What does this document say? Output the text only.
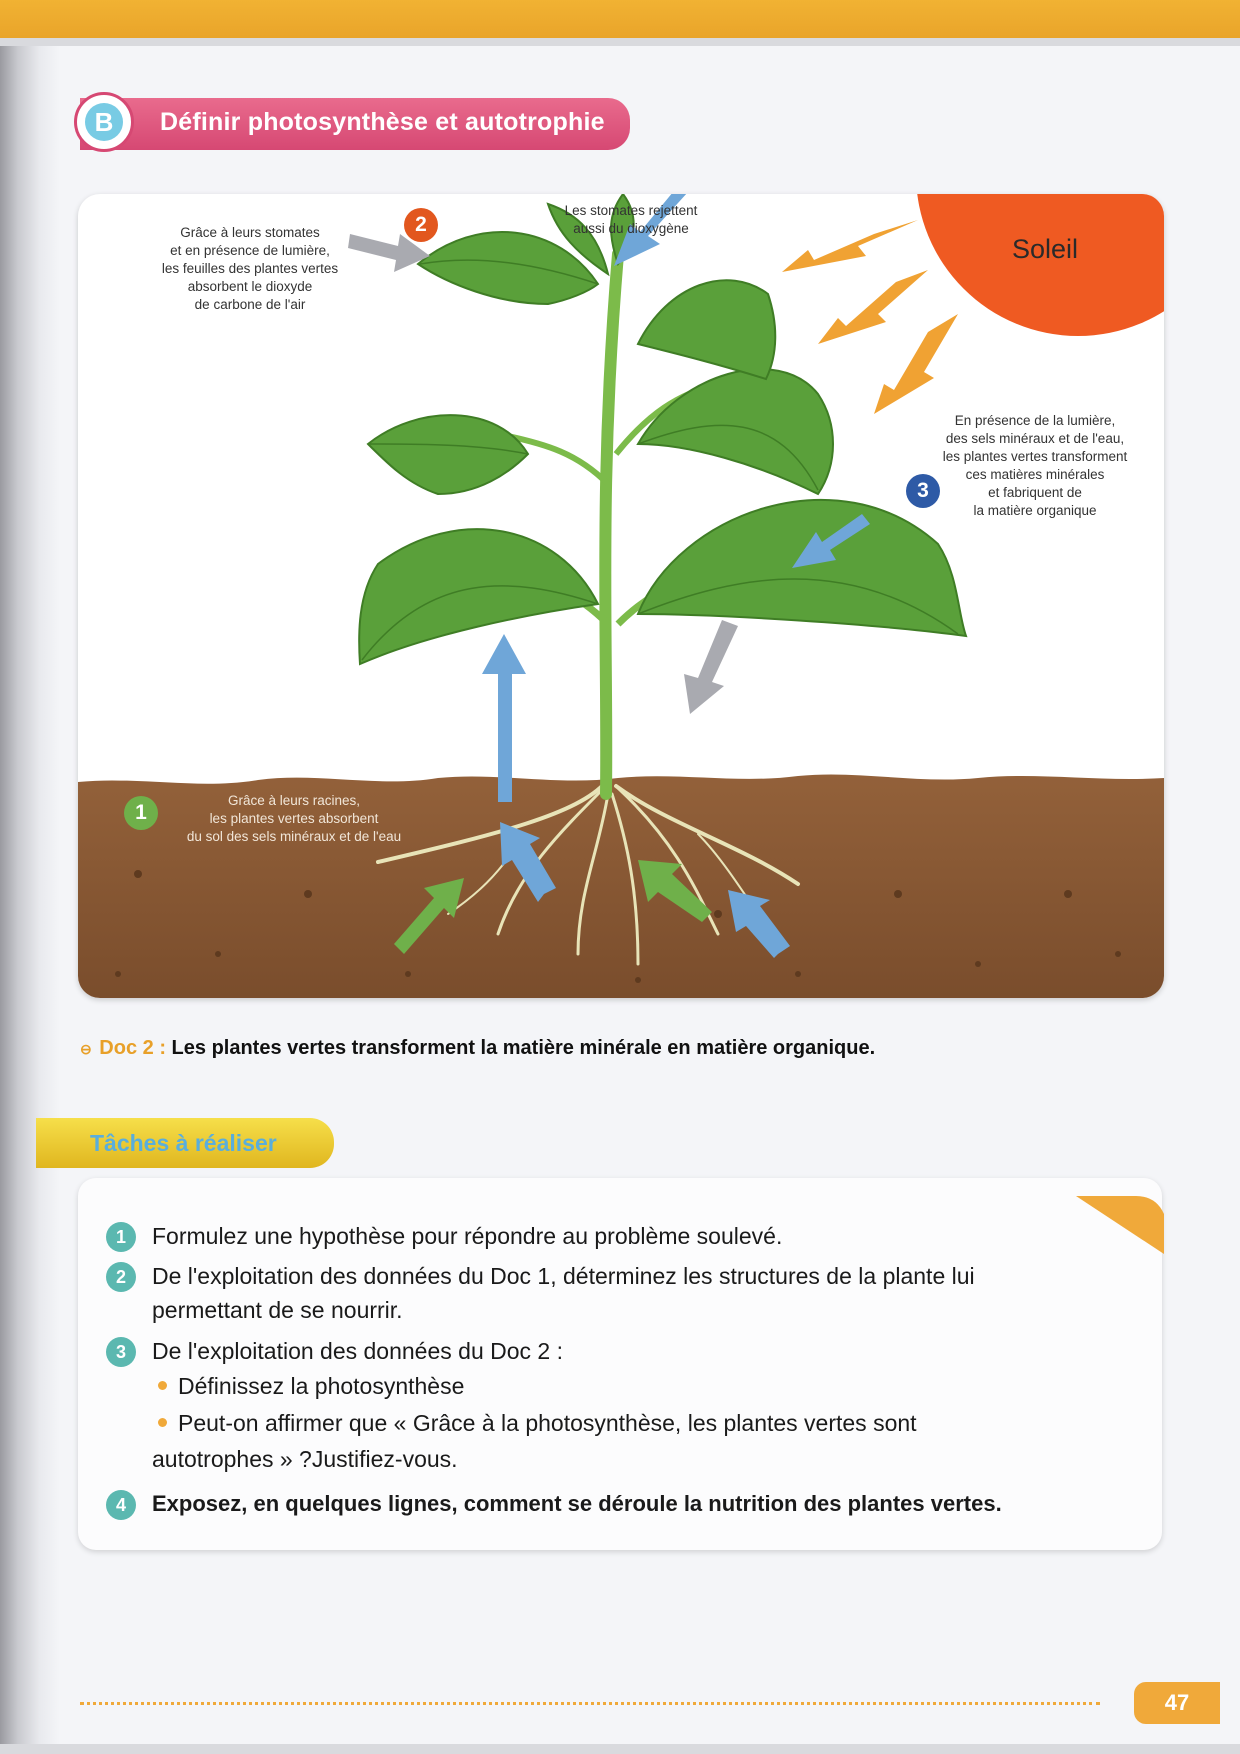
B	Définir photosynthèse et autotrophie
Soleil
2
Grâce à leurs stomates
et en présence de lumière,
les feuilles des plantes vertes
absorbent le dioxyde
de carbone de l'air
Les stomates rejettent
aussi du dioxygène
3
En présence de la lumière,
des sels minéraux et de l'eau,
les plantes vertes transforment
ces matières minérales
et fabriquent de
la matière organique
1
Grâce à leurs racines,
les plantes vertes absorbent
du sol des sels minéraux et de l'eau
⊖ Doc 2 : Les plantes vertes transforment la matière minérale en matière organique.
Tâches à réaliser
1	Formulez une hypothèse pour répondre au problème soulevé.
2	De l'exploitation des données du Doc 1, déterminez les structures de la plante lui
permettant de se nourrir.
3	De l'exploitation des données du Doc 2 :
Définissez la photosynthèse
Peut-on affirmer que « Grâce à la photosynthèse, les plantes vertes sont
autotrophes » ?Justifiez-vous.
4	Exposez, en quelques lignes, comment se déroule la nutrition des plantes vertes.
47
